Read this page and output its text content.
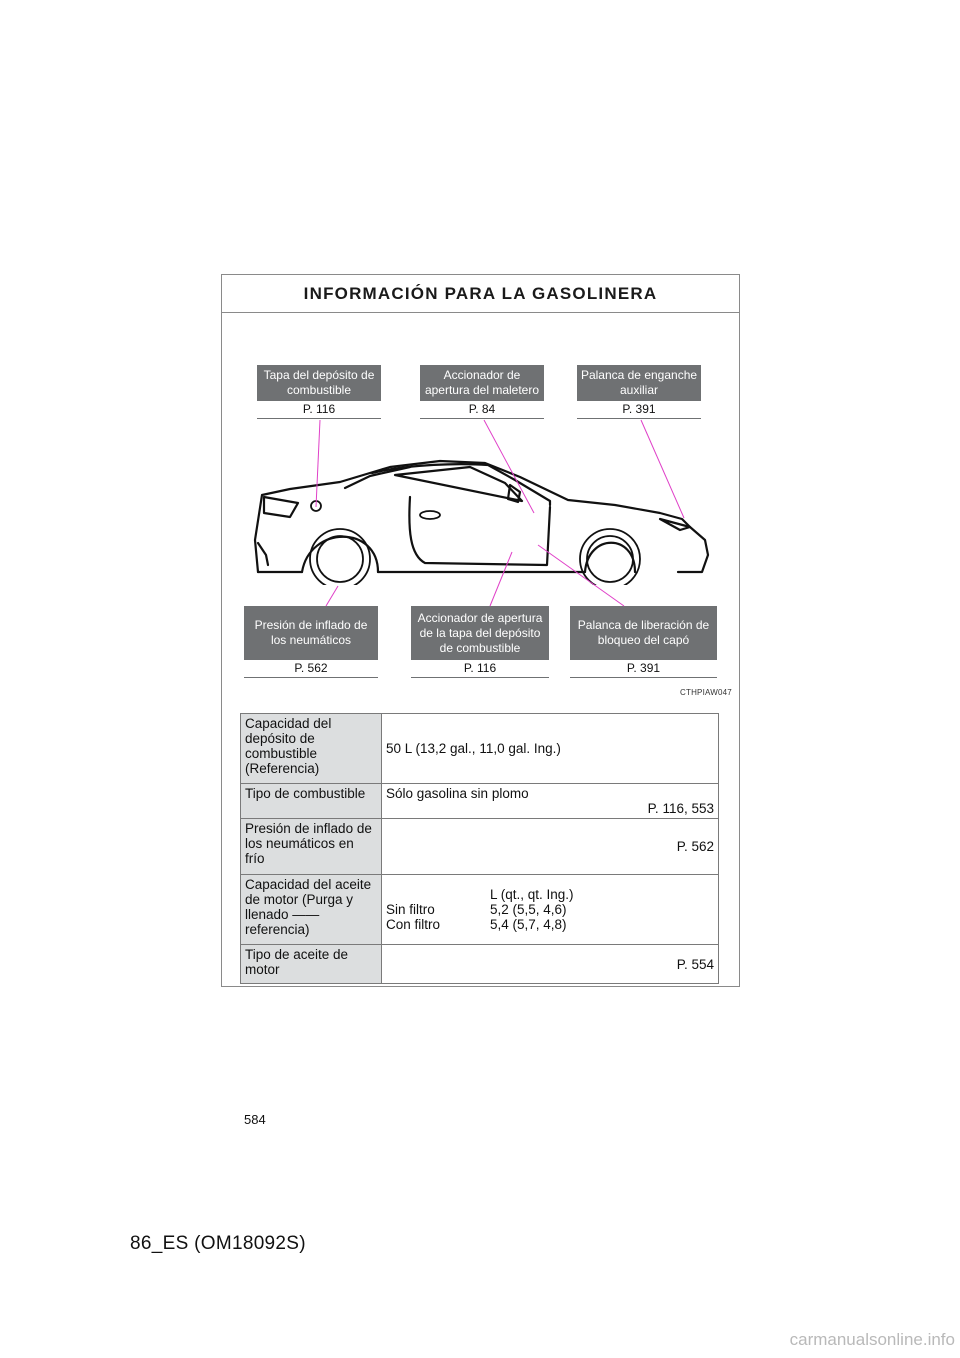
INFORMACIÓN PARA LA GASOLINERA
Tapa del depósito de combustible
P. 116
Accionador de apertura del maletero
P. 84
Palanca de enganche auxiliar
P. 391
Presión de inflado de los neumáticos
P. 562
Accionador de apertura de la tapa del depósito de combustible
P. 116
Palanca de liberación de bloqueo del capó
P. 391
CTHPIAW047
Capacidad del depósito de combustible (Referencia)	50 L (13,2 gal., 11,0 gal. Ing.)

Tipo de combustible	Sólo gasolina sin plomo
P. 116, 553

Presión de inflado de los neumáticos en frío	P. 562

Capacidad del aceite de motor (Purga y llenado —— referencia)	L (qt., qt. Ing.)
Sin filtro 5,2 (5,5, 4,6)
Con filtro 5,4 (5,7, 4,8)

Tipo de aceite de motor	P. 554
584
86_ES (OM18092S)
carmanualsonline.info
